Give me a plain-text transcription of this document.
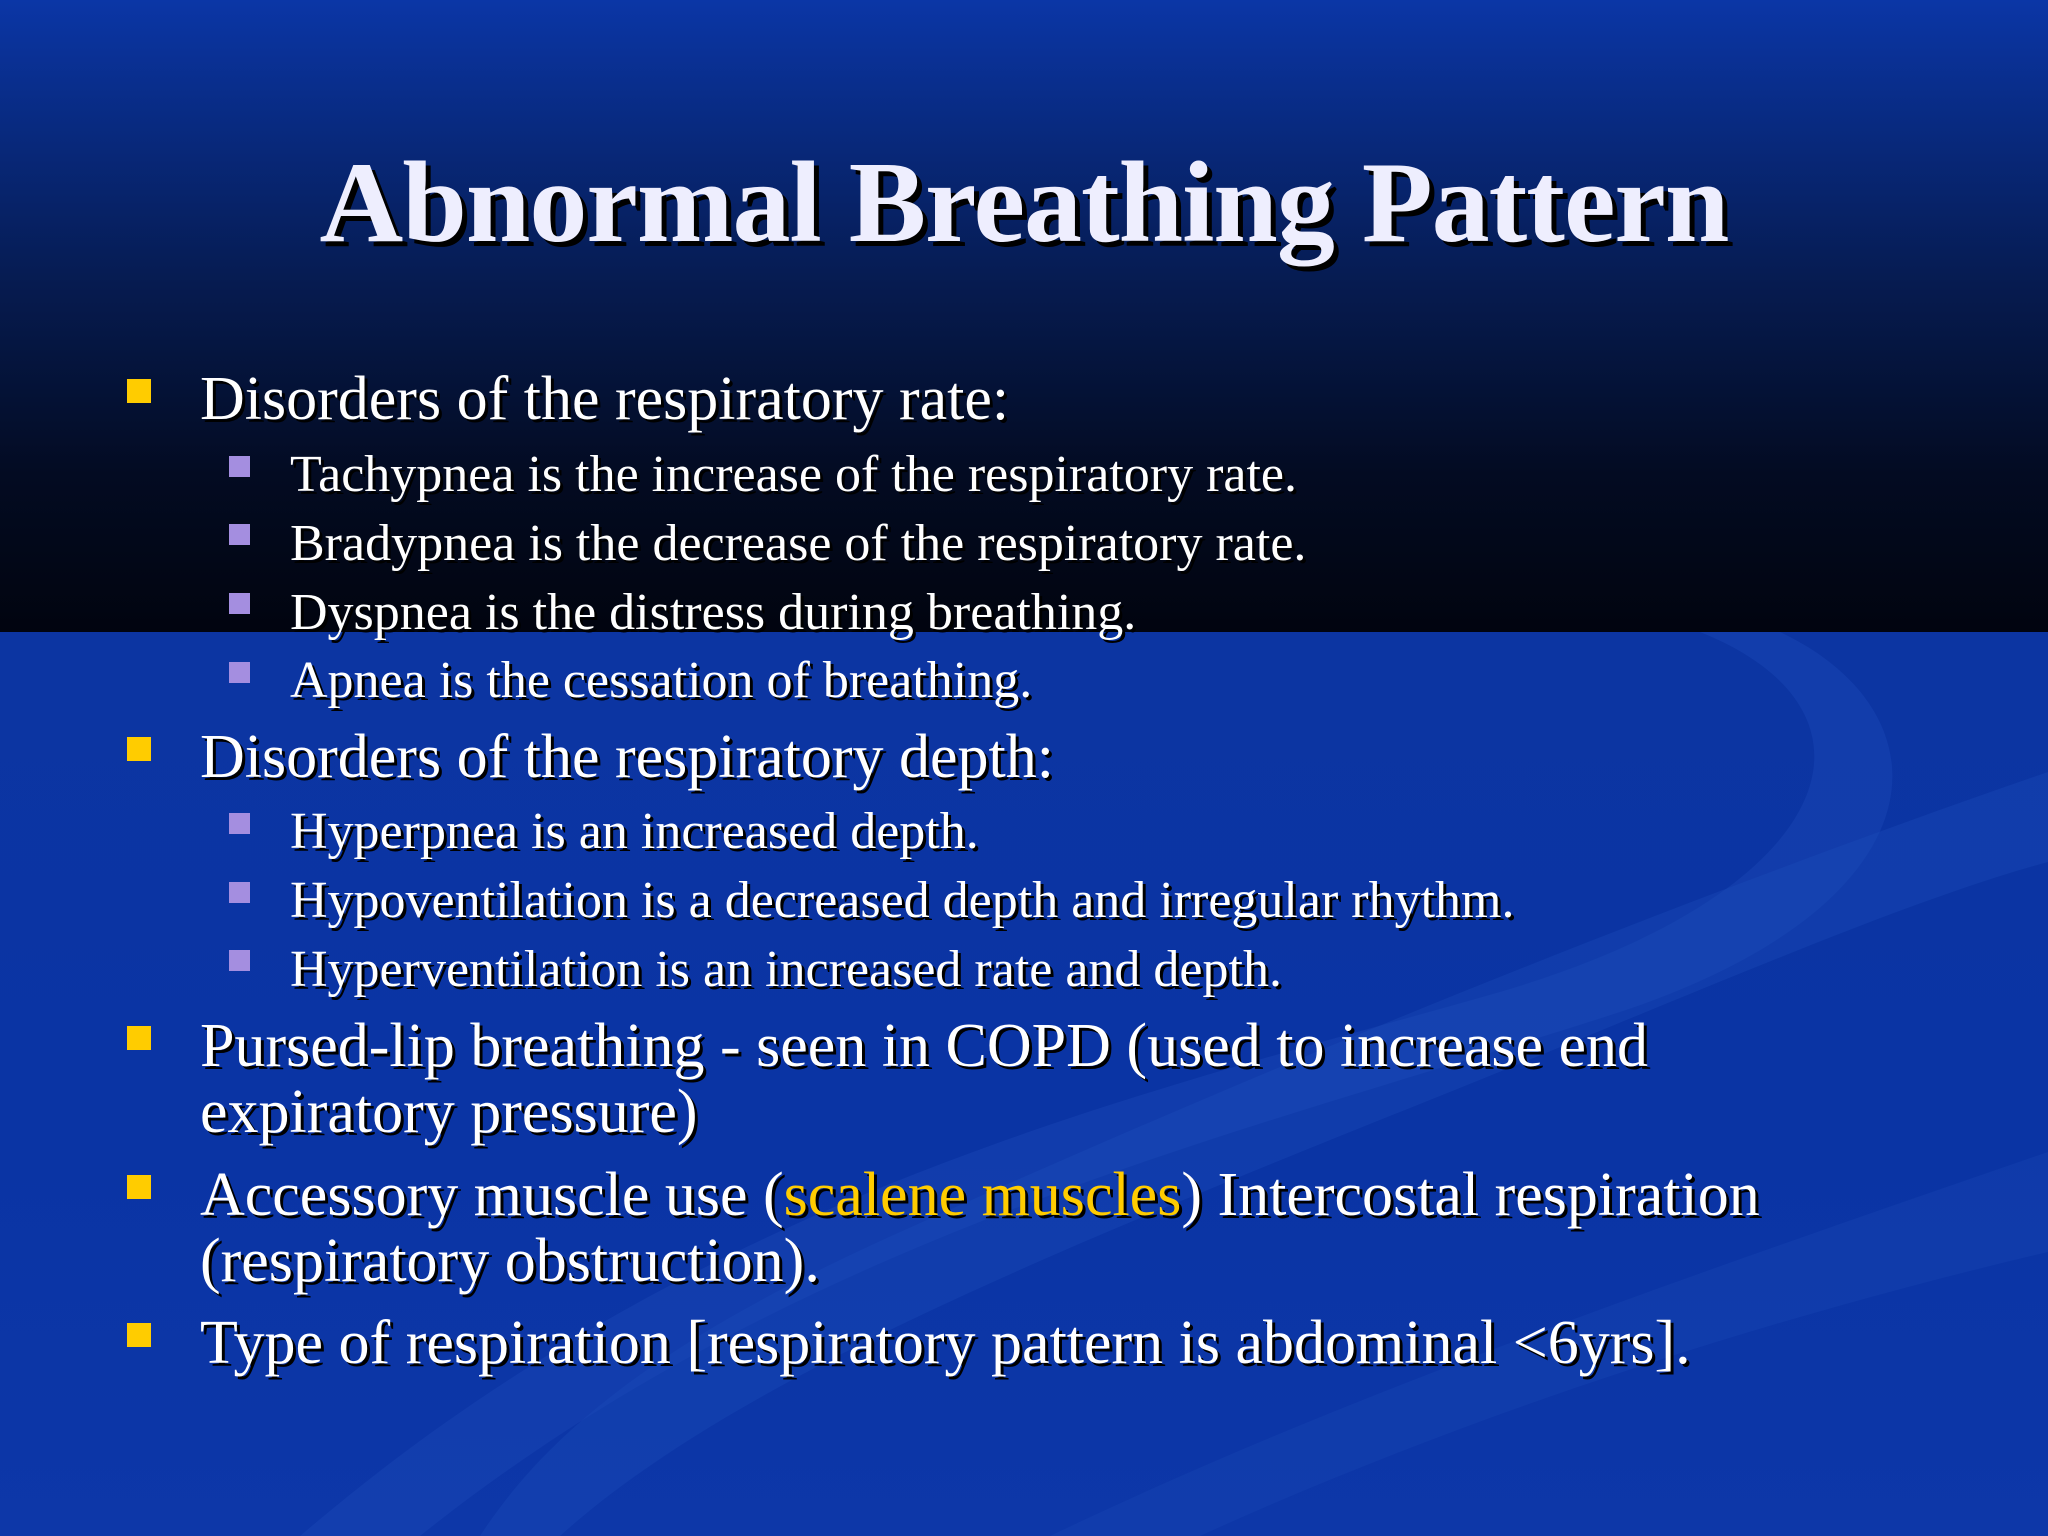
Abnormal Breathing Pattern
Disorders of the respiratory rate:
Tachypnea is the increase of the respiratory rate.
Bradypnea is the decrease of the respiratory rate.
Dyspnea is the distress during breathing.
Apnea is the cessation of breathing.
Disorders of the respiratory depth:
Hyperpnea is an increased depth.
Hypoventilation is a decreased depth and irregular rhythm.
Hyperventilation is an increased rate and depth.
Pursed-lip breathing - seen in COPD (used to increase end
expiratory pressure)
Accessory muscle use (scalene muscles) Intercostal respiration
(respiratory obstruction).
Type of respiration [respiratory pattern is abdominal <6yrs].
